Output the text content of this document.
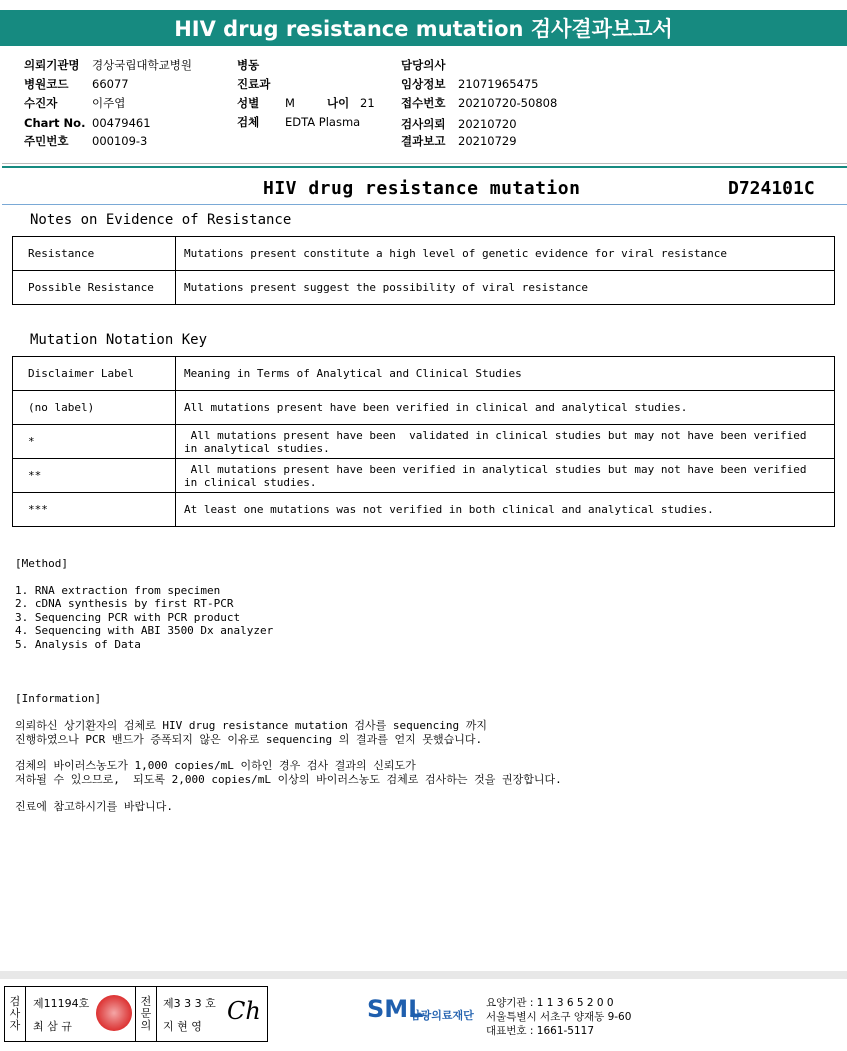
HIV drug resistance mutation 검사결과보고서
의뢰기관명 경상국립대학교병원
병원코드 66077
수진자	이주엽
Chart No. 00479461
주민번호 000109-3
병동
진료과
성별 M	나이 21
검체 EDTA Plasma
담당의사
임상정보 21071965475
접수번호 20210720-50808
검사의뢰 20210720
결과보고 20210729
HIV drug resistance mutation	D724101C
Notes on Evidence of Resistance
Resistance	Mutations present constitute a high level of genetic evidence for viral resistance
Possible Resistance	Mutations present suggest the possibility of viral resistance
Mutation Notation Key
Disclaimer Label	Meaning in Terms of Analytical and Clinical Studies
(no label)	All mutations present have been verified in clinical and analytical studies.
*	All mutations present have been  validated in clinical studies but may not have been verified
in analytical studies.
**	All mutations present have been verified in analytical studies but may not have been verified
in clinical studies.
***	At least one mutations was not verified in both clinical and analytical studies.
[Method]
1. RNA extraction from specimen
2. cDNA synthesis by first RT-PCR
3. Sequencing PCR with PCR product
4. Sequencing with ABI 3500 Dx analyzer
5. Analysis of Data
[Information]
의뢰하신 상기환자의 검체로 HIV drug resistance mutation 검사를 sequencing 까지
진행하였으나 PCR 밴드가 증폭되지 않은 이유로 sequencing 의 결과를 얻지 못했습니다.
검체의 바이러스농도가 1,000 copies/mL 이하인 경우 검사 결과의 신뢰도가
저하될 수 있으므로,  되도록 2,000 copies/mL 이상의 바이러스농도 검체로 검사하는 것을 권장합니다.
진료에 참고하시기를 바랍니다.
검
사
자
제11194호
최 삼 규
전
문
의
제3 3 3 호
지 현 영
Ch	SML
삼광의료재단
요양기관 : 1 1 3 6 5 2 0 0
서울특별시 서초구 양재동 9-60
대표번호 : 1661-5117
